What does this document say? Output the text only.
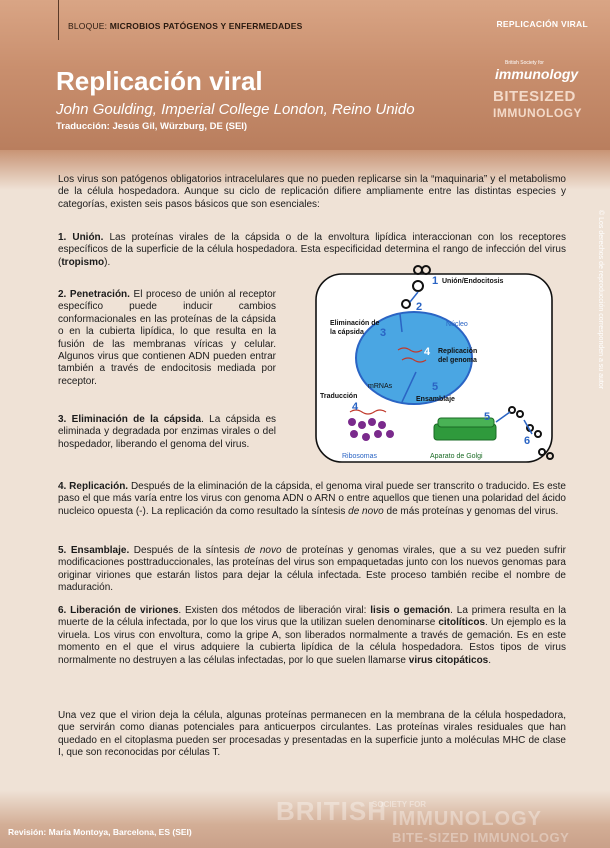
BLOQUE: MICROBIOS PATÓGENOS Y ENFERMEDADES	REPLICACIÓN VIRAL
Replicación viral
John Goulding, Imperial College London, Reino Unido
Traducción: Jesús Gil, Würzburg, DE (SEI)
British Society for
immunology
BITESIZED
IMMUNOLOGY
© Los derechos de reproducción corresponden a su autor

Los virus son patógenos obligatorios intracelulares que no pueden replicarse sin la “maquinaria” y el metabolismo de la célula hospedadora. Aunque su ciclo de replicación difiere ampliamente entre las distintas especies y categorías, existen seis pasos básicos que son esenciales:

1. Unión. Las proteínas virales de la cápsida o de la envoltura lipídica interaccionan con los receptores específicos de la superficie de la célula hospedadora. Esta especificidad determina el rango de infección del virus (tropismo).

2. Penetración. El proceso de unión al receptor específico puede inducir cambios conformacionales en las proteínas de la cápsida o en la cubierta lipídica, lo que resulta en la fusión de las membranas víricas y celular. Algunos virus que contienen ADN pueden entrar también a través de endocitosis mediada por receptor.

3. Eliminación de la cápsida. La cápsida es eliminada y degradada por enzimas virales o del hospedador, liberando el genoma del virus.

4. Replicación. Después de la eliminación de la cápsida, el genoma viral puede ser transcrito o traducido. Es este paso el que más varía entre los virus con genoma ADN o ARN o entre aquellos que tienen una polaridad del ácido nucleico opuesta (-). La replicación da como resultado la síntesis de novo de más proteínas y genomas del virus.

5. Ensamblaje. Después de la síntesis de novo de proteínas y genomas virales, que a su vez pueden sufrir modificaciones posttraduccionales, las proteínas del virus son empaquetadas junto con los nuevos genomas para originar viriones que estarán listos para dejar la célula infectada. Este proceso también recibe el nombre de maduración.

6. Liberación de viriones. Existen dos métodos de liberación viral: lisis o gemación. La primera resulta en la muerte de la célula infectada, por lo que los virus que la utilizan suelen denominarse citolíticos. Un ejemplo es la viruela. Los virus con envoltura, como la gripe A, son liberados normalmente a través de gemación. Es en este momento en el que el virus adquiere la cubierta lipídica de la célula hospedadora. Estos tipos de virus normalmente no destruyen a las células infectadas, por lo que suelen llamarse virus citopáticos.

Una vez que el virion deja la célula, algunas proteínas permanecen en la membrana de la célula hospedadora, que servirán como dianas potenciales para anticuerpos circulantes. Las proteínas virales residuales que han quedado en el citoplasma pueden ser procesadas y presentadas en la superficie junto a moléculas MHC de clase I, que son reconocidas por células T.

1 Unión/Endocitosis
2
Eliminación de
la cápsida 3
Núcleo
4 Replicación
del genoma
mRNAs	5
Ensamblaje
Traducción
4
5
6
Ribosomas	Aparato de Golgi
BRITISH
SOCIETY FOR
IMMUNOLOGY
BITE-SIZED IMMUNOLOGY
Revisión: María Montoya, Barcelona, ES (SEI)
